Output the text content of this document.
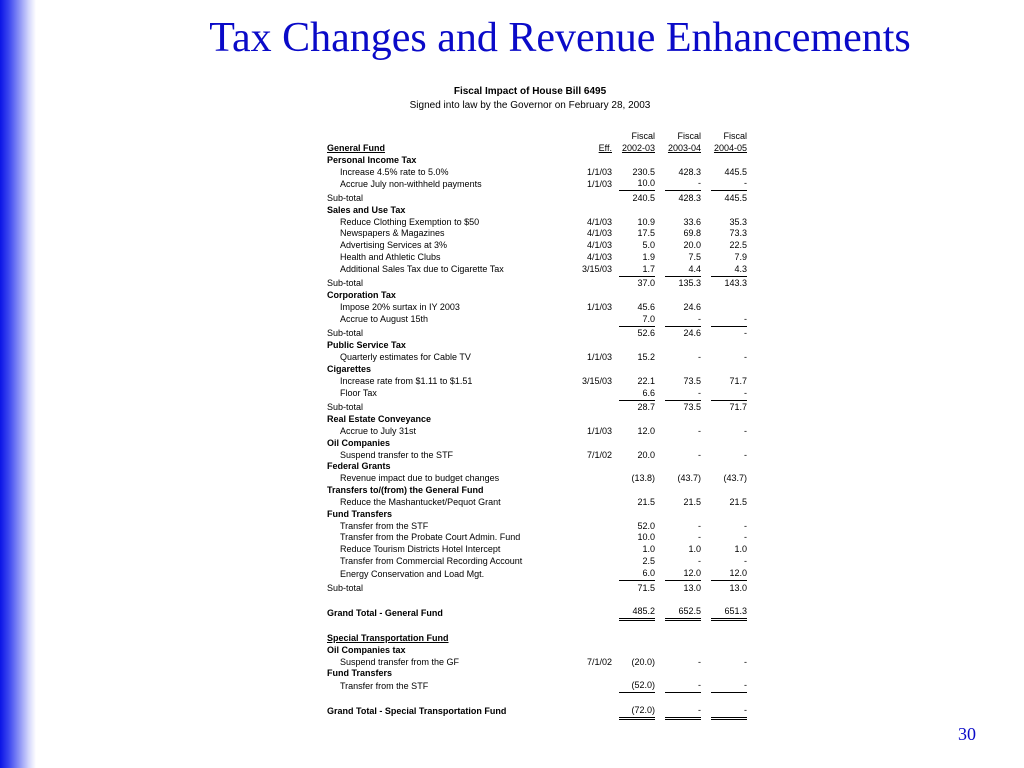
Tax Changes and Revenue Enhancements
Fiscal Impact of House Bill 6495
Signed into law by the Governor on February 28, 2003
			Fiscal		Fiscal		Fiscal
General Fund	Eff.		2002-03		2003-04		2004-05
Personal Income Tax							
Increase 4.5% rate to 5.0%	1/1/03		230.5		428.3		445.5
Accrue July non-withheld payments	1/1/03		10.0		-		-
Sub-total			240.5		428.3		445.5
Sales and Use Tax							
Reduce Clothing Exemption to $50	4/1/03		10.9		33.6		35.3
Newspapers & Magazines	4/1/03		17.5		69.8		73.3
Advertising Services at 3%	4/1/03		5.0		20.0		22.5
Health and Athletic Clubs	4/1/03		1.9		7.5		7.9
Additional Sales Tax due to Cigarette Tax	3/15/03		1.7		4.4		4.3
Sub-total			37.0		135.3		143.3
Corporation Tax							
Impose 20% surtax in IY 2003	1/1/03		45.6		24.6		
Accrue to August 15th			7.0		-		-
Sub-total			52.6		24.6		-
Public Service Tax							
Quarterly estimates for Cable TV	1/1/03		15.2		-		-
Cigarettes							
Increase rate from $1.11 to $1.51	3/15/03		22.1		73.5		71.7
Floor Tax			6.6		-		-
Sub-total			28.7		73.5		71.7
Real Estate Conveyance							
Accrue to July 31st	1/1/03		12.0		-		-
Oil Companies							
Suspend transfer to the STF	7/1/02		20.0		-		-
Federal Grants							
Revenue impact due to budget changes			(13.8)		(43.7)		(43.7)
Transfers to/(from) the General Fund							
Reduce the Mashantucket/Pequot Grant			21.5		21.5		21.5
Fund Transfers							
Transfer from the STF			52.0		-		-
Transfer from the Probate Court Admin. Fund			10.0		-		-
Reduce Tourism Districts Hotel Intercept			1.0		1.0		1.0
Transfer from Commercial Recording Account			2.5		-		-
Energy Conservation and Load Mgt.			6.0		12.0		12.0
Sub-total			71.5		13.0		13.0

Grand Total - General Fund			485.2		652.5		651.3

Special Transportation Fund							
Oil Companies tax							
Suspend transfer from the GF	7/1/02		(20.0)		-		-
Fund Transfers							
Transfer from the STF			(52.0)		-		-

Grand Total - Special Transportation Fund			(72.0)		-		-
30
